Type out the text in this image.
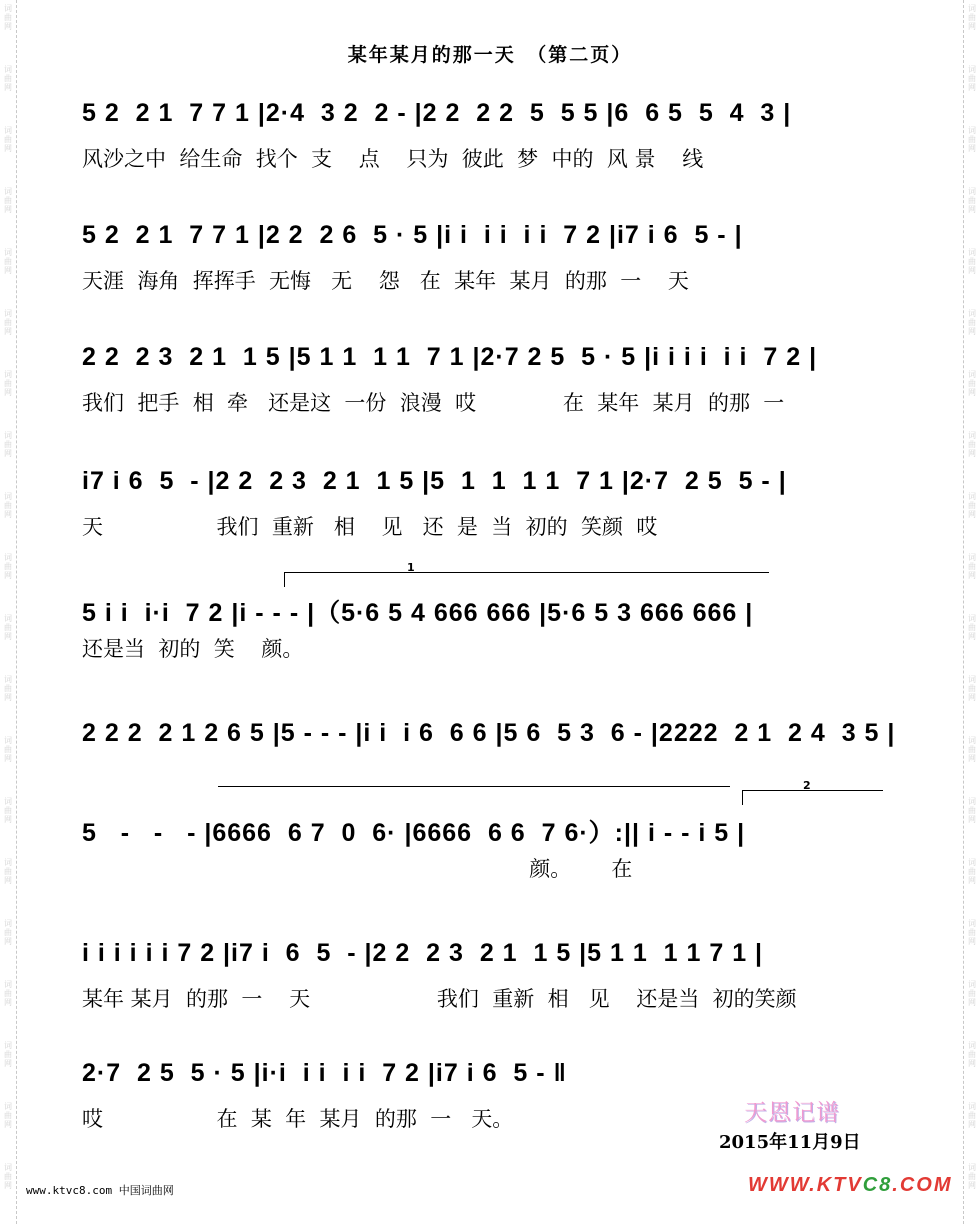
词
曲
网
词
曲
网
词
曲
网
词
曲
网
词
曲
网
词
曲
网
词
曲
网
词
曲
网
词
曲
网
词
曲
网
词
曲
网
词
曲
网
词
曲
网
词
曲
网
词
曲
网
词
曲
网
词
曲
网
词
曲
网
词
曲
网
词
曲
网
词
曲
网
词
曲
网
词
曲
网
词
曲
网
词
曲
网
词
曲
网
词
曲
网
词
曲
网
词
曲
网
词
曲
网
词
曲
网
词
曲
网
词
曲
网
词
曲
网
词
曲
网
词
曲
网
词
曲
网
词
曲
网
词
曲
网
词
曲
网
某年某月的那一天　（第二页）
5 2  2 1  7 7 1 |2·4  3 2  2 - |2 2  2 2  5  5 5 |6  6 5  5  4  3 |
风沙之中  给生命  找个  支    点    只为  彼此  梦  中的  风 景    线
5 2  2 1  7 7 1 |2 2  2 6  5 · 5 |i i  i i  i i  7 2 |i7 i 6  5 - |
天涯  海角  挥挥手  无悔   无    怨   在  某年  某月  的那  一    天
2 2  2 3  2 1  1 5 |5 1 1  1 1  7 1 |2·7 2 5  5 · 5 |i i i i  i i  7 2 |
我们  把手  相  牵   还是这  一份  浪漫  哎             在  某年  某月  的那  一
i7 i 6  5  - |2 2  2 3  2 1  1 5 |5  1  1  1 1  7 1 |2·7  2 5  5 - |
天                 我们  重新   相    见   还  是  当  初的  笑颜  哎
1
5 i i  i·i  7 2 |i - - - |（5·6 5 4 666 666 |5·6 5 3 666 666 |
还是当  初的  笑    颜。
2 2 2  2 1 2 6 5 |5 - - - |i i  i 6  6 6 |5 6  5 3  6 - |2222  2 1  2 4  3 5 |
2
5   -   -   - |6666  6 7  0  6· |6666  6 6  7 6·）:|| i - - i 5 |
颜。      在
i i i i i i 7 2 |i7 i  6  5  - |2 2  2 3  2 1  1 5 |5 1 1  1 1 7 1 |
某年 某月  的那  一    天                   我们  重新  相   见    还是当  初的笑颜
2·7  2 5  5 · 5 |i·i  i i  i i  7 2 |i7 i 6  5 - ‖
哎                 在  某  年  某月  的那  一   天。	天恩记谱
2015年11月9日
www.ktvc8.com 中国词曲网	WWW.KTVC8.COM
